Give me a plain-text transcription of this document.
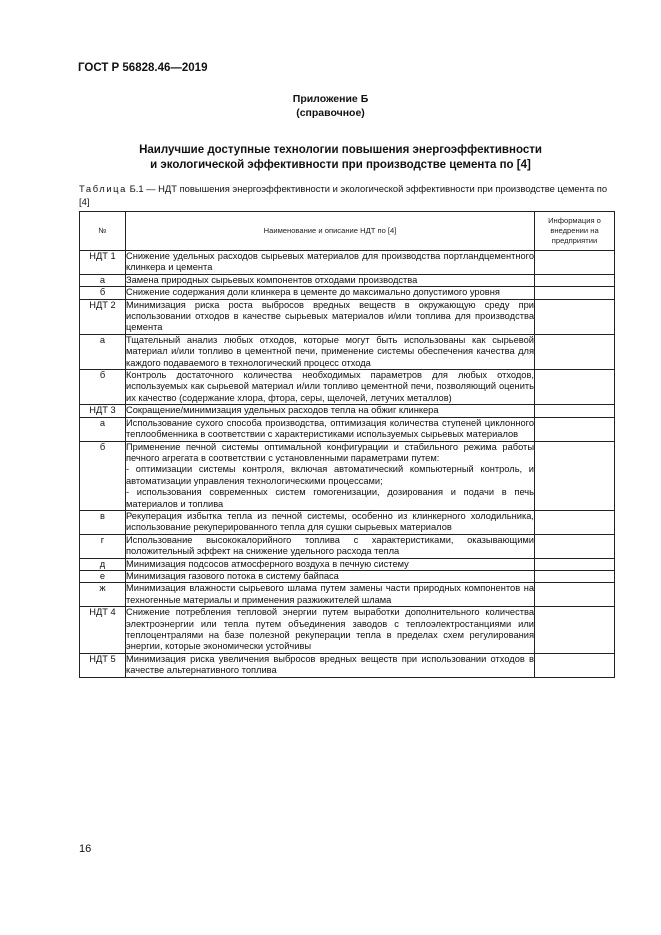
ГОСТ Р 56828.46—2019
Приложение Б
(справочное)
Наилучшие доступные технологии повышения энергоэффективности
и экологической эффективности при производстве цемента по [4]
Таблица Б.1 — НДТ повышения энергоэффективности и экологической эффективности при производстве цемента по [4]
№	Наименование и описание НДТ по [4]	Информация о внедрении на предприятии
НДТ 1	Снижение удельных расходов сырьевых материалов для производства портландцементного клинкера и цемента	
а	Замена природных сырьевых компонентов отходами производства	
б	Снижение содержания доли клинкера в цементе до максимально допустимого уровня	
НДТ 2	Минимизация риска роста выбросов вредных веществ в окружающую среду при использовании отходов в качестве сырьевых материалов и/или топлива для производства цемента	
а	Тщательный анализ любых отходов, которые могут быть использованы как сырьевой материал и/или топливо в цементной печи, применение системы обеспечения качества для каждого подаваемого в технологический процесс отхода	
б	Контроль достаточного количества необходимых параметров для любых отходов, используемых как сырьевой материал и/или топливо цементной печи, позволяющий оценить их качество (содержание хлора, фтора, серы, щелочей, летучих металлов)	
НДТ 3	Сокращение/минимизация удельных расходов тепла на обжиг клинкера	
а	Использование сухого способа производства, оптимизация количества ступеней циклонного теплообменника в соответствии с характеристиками используемых сырьевых материалов	
б	Применение печной системы оптимальной конфигурации и стабильного режима работы печного агрегата в соответствии с установленными параметрами путем:
- оптимизации системы контроля, включая автоматический компьютерный контроль, и автоматизации управления технологическими процессами;
- использования современных систем гомогенизации, дозирования и подачи в печь материалов и топлива	
в	Рекуперация избытка тепла из печной системы, особенно из клинкерного холодильника, использование рекуперированного тепла для сушки сырьевых материалов	
г	Использование высококалорийного топлива с характеристиками, оказывающими положительный эффект на снижение удельного расхода тепла	
д	Минимизация подсосов атмосферного воздуха в печную систему	
е	Минимизация газового потока в систему байпаса	
ж	Минимизация влажности сырьевого шлама путем замены части природных компонентов на техногенные материалы и применения разжижителей шлама	
НДТ 4	Снижение потребления тепловой энергии путем выработки дополнительного количества электроэнергии или тепла путем объединения заводов с теплоэлектростанциями или теплоцентралями на базе полезной рекуперации тепла в пределах схем регулирования энергии, которые экономически устойчивы	
НДТ 5	Минимизация риска увеличения выбросов вредных веществ при использовании отходов в качестве альтернативного топлива	
16
